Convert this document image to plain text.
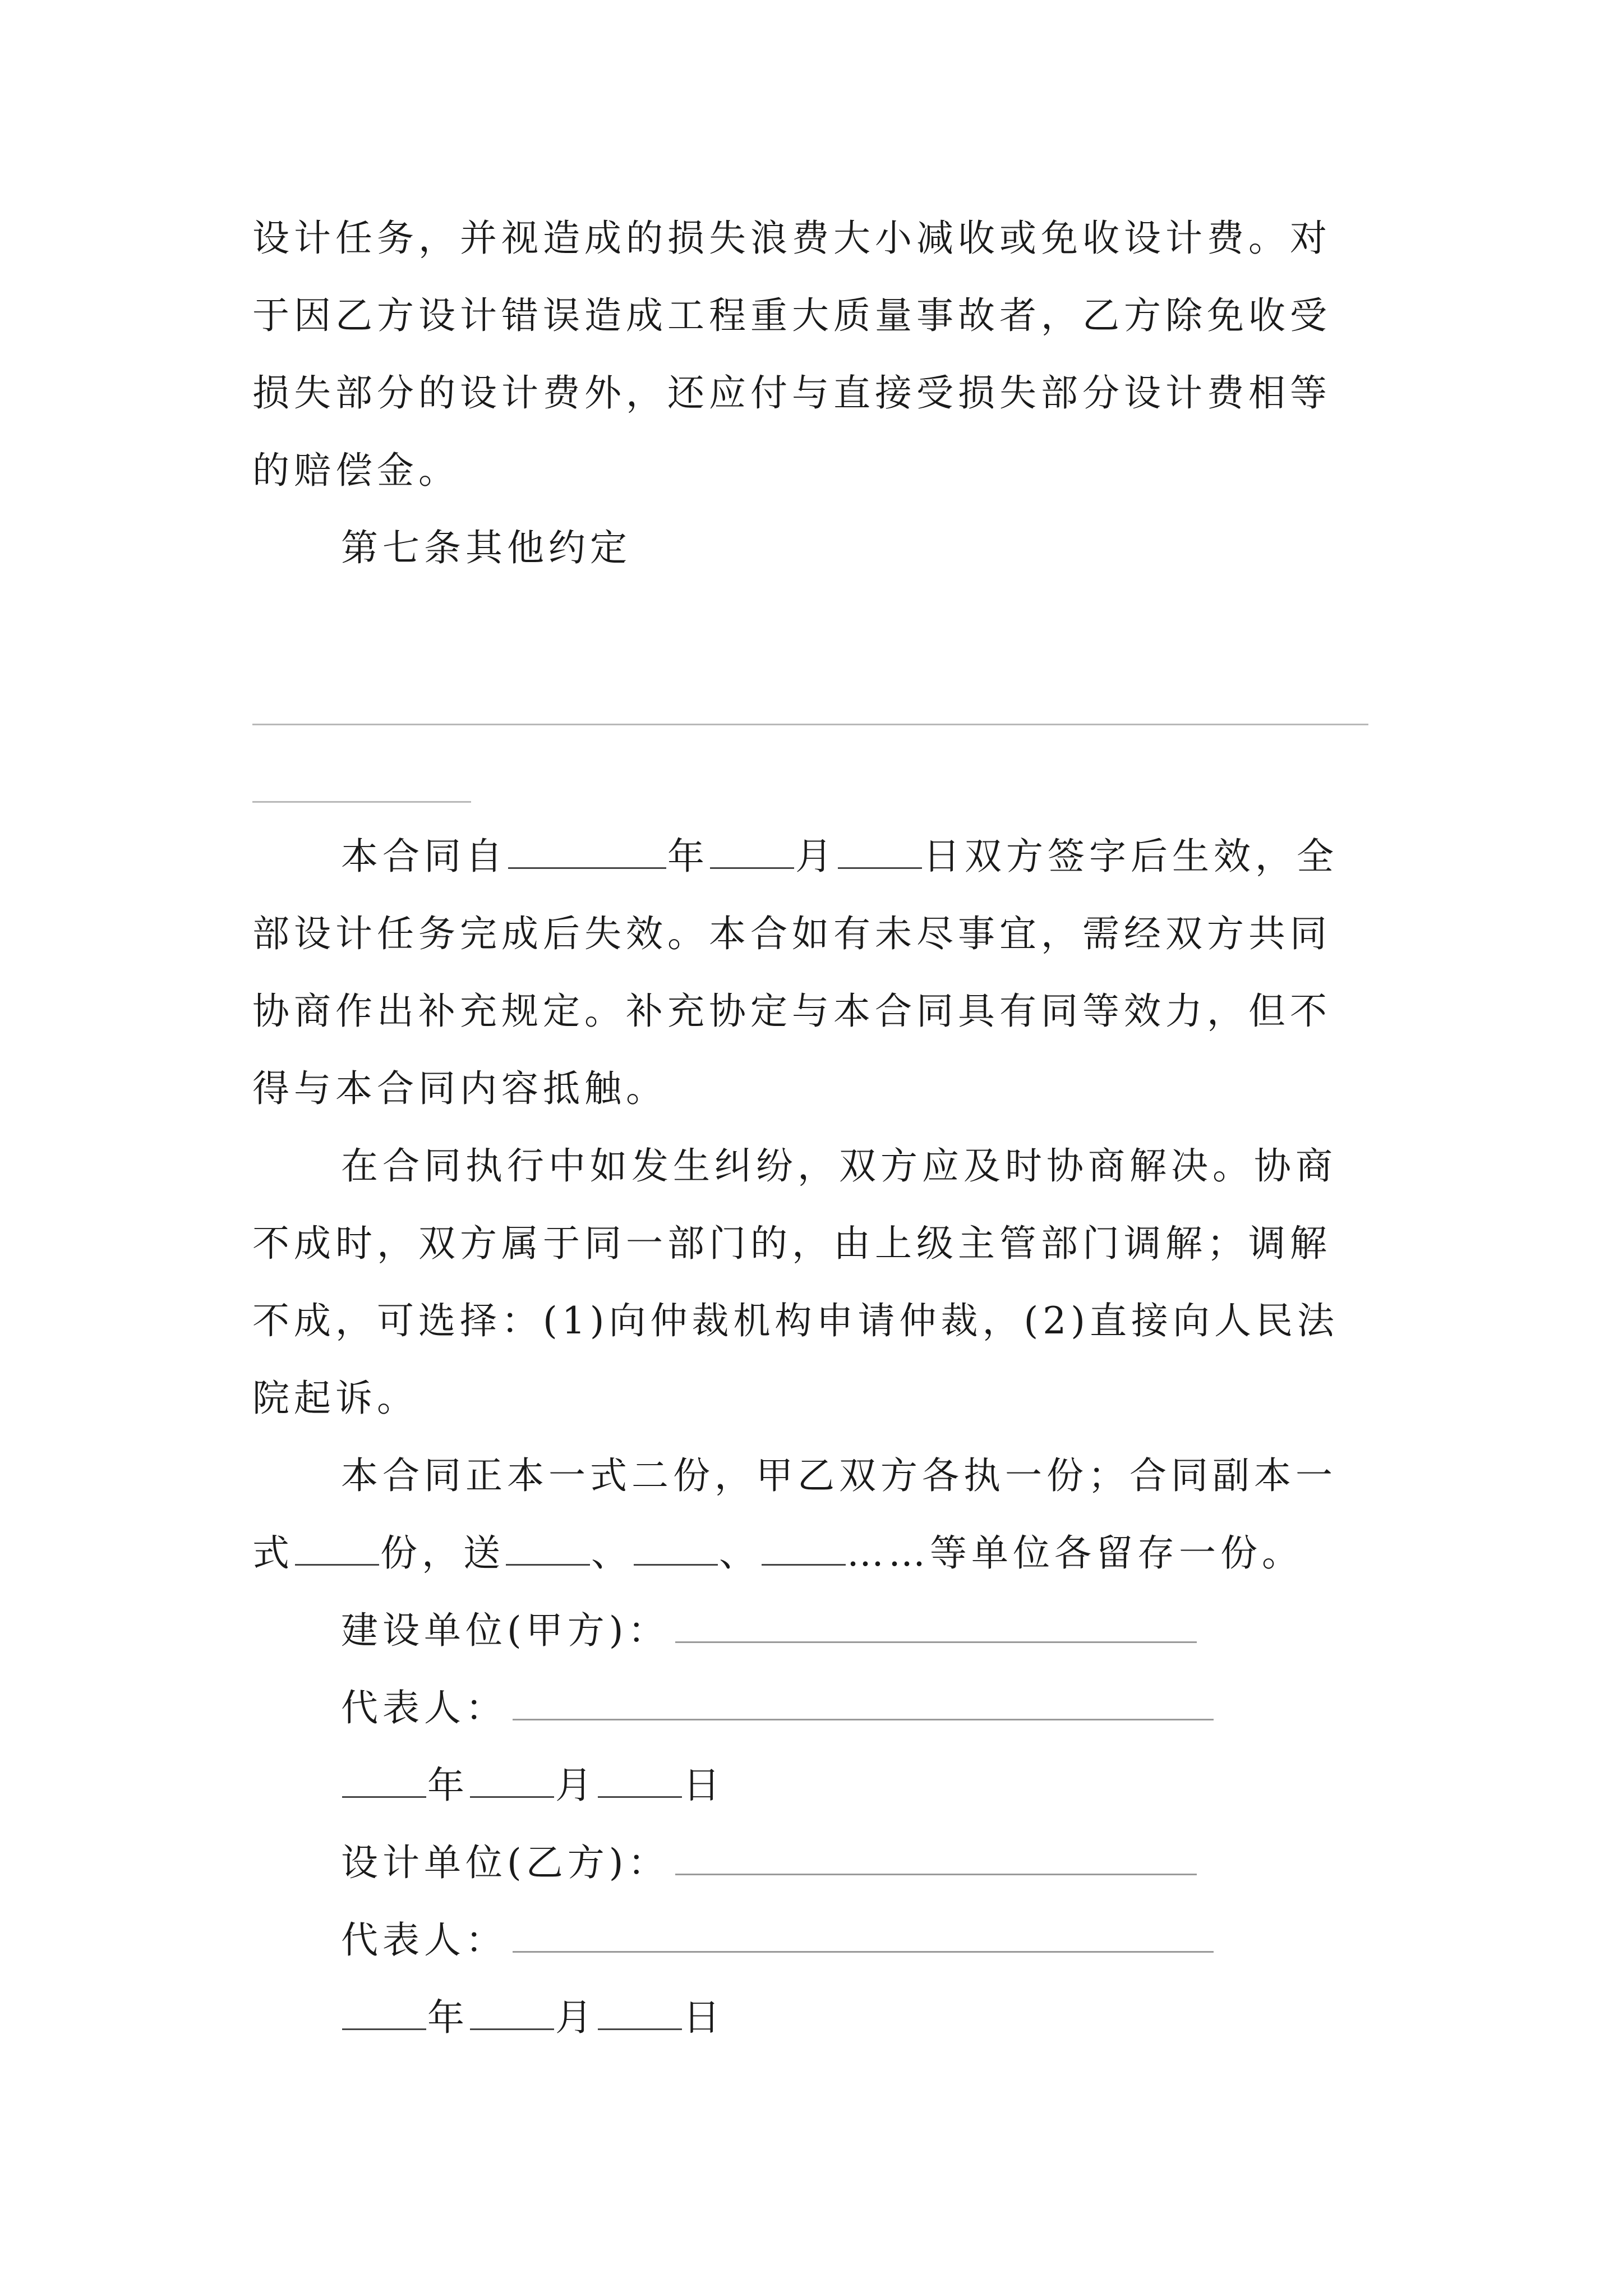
设计任务，并视造成的损失浪费大小减收或免收设计费。对
于因乙方设计错误造成工程重大质量事故者，乙方除免收受
损失部分的设计费外，还应付与直接受损失部分设计费相等
的赔偿金。
第七条其他约定
本合同自	年 月 日双方签字后生效，全
部设计任务完成后失效。本合如有未尽事宜，需经双方共同
协商作出补充规定。补充协定与本合同具有同等效力，但不
得与本合同内容抵触。
在合同执行中如发生纠纷，双方应及时协商解决。协商
不成时，双方属于同一部门的，由上级主管部门调解；调解
不成，可选择：(1)向仲裁机构申请仲裁，(2)直接向人民法
院起诉。
本合同正本一式二份，甲乙双方各执一份；合同副本一
式 份，送 、 、 ……等单位各留存一份。
建设单位(甲方)：
代表人：
年 月 日
设计单位(乙方)：
代表人：
年 月 日
